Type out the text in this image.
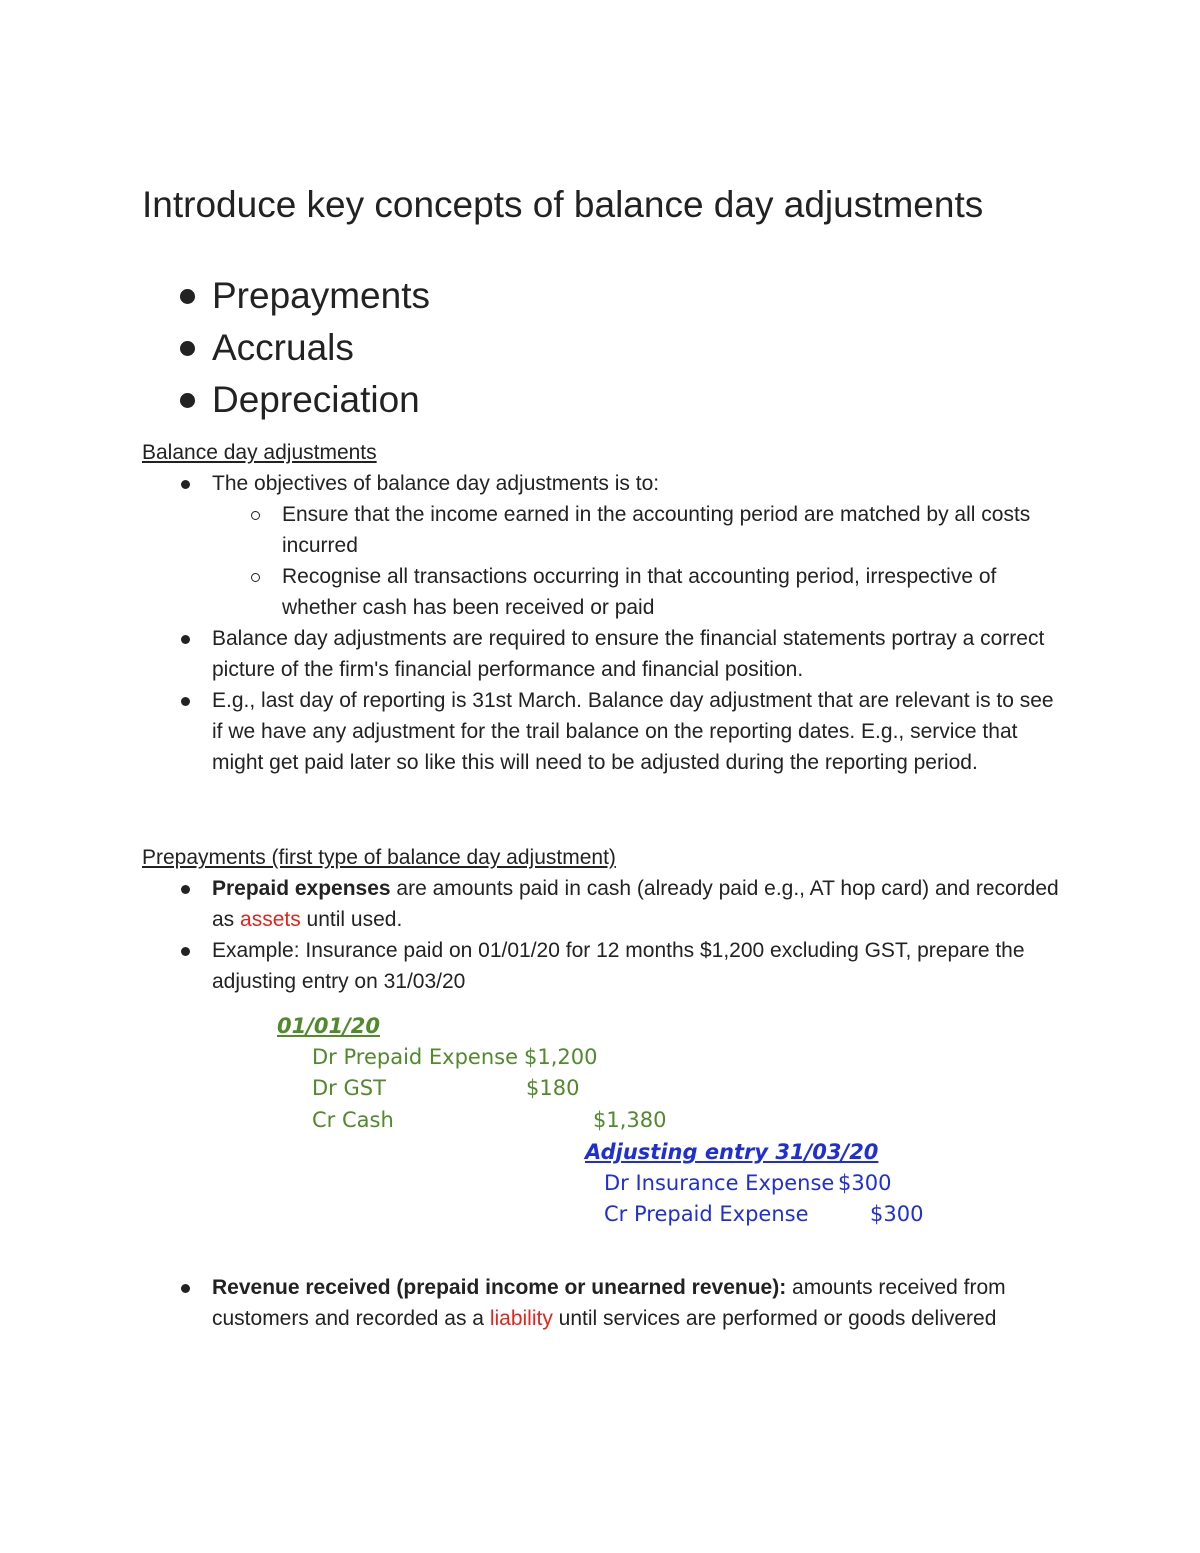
Introduce key concepts of balance day adjustments
Prepayments
Accruals
Depreciation
Balance day adjustments
The objectives of balance day adjustments is to:
Ensure that the income earned in the accounting period are matched by all costs incurred
Recognise all transactions occurring in that accounting period, irrespective of whether cash has been received or paid
Balance day adjustments are required to ensure the financial statements portray a correct picture of the firm's financial performance and financial position.
E.g., last day of reporting is 31st March. Balance day adjustment that are relevant is to see if we have any adjustment for the trail balance on the reporting dates. E.g., service that might get paid later so like this will need to be adjusted during the reporting period.
Prepayments (first type of balance day adjustment)
Prepaid expenses are amounts paid in cash (already paid e.g., AT hop card) and recorded as assets until used.
Example: Insurance paid on 01/01/20 for 12 months $1,200 excluding GST, prepare the adjusting entry on 31/03/20
01/01/20
Dr Prepaid Expense $1,200
Dr GST	$180
Cr Cash	$1,380
Adjusting entry 31/03/20
Dr Insurance Expense $300
Cr Prepaid Expense	$300
Revenue received (prepaid income or unearned revenue): amounts received from customers and recorded as a liability until services are performed or goods delivered
